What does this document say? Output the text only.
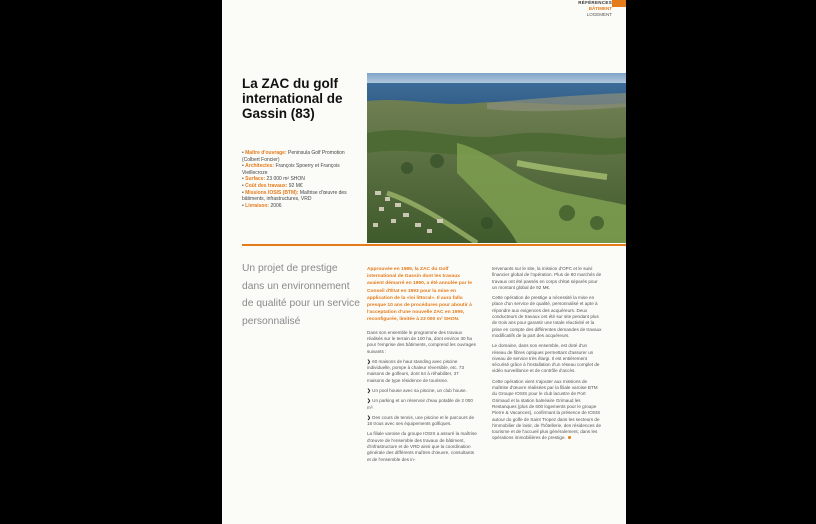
RÉFÉRENCES
BÂTIMENT
LOGEMENT
La ZAC du golf international de Gassin (83)
• Maître d'ouvrage: Peninsula Golf Promotion (Colbert Foncier)
• Architectes: François Spoerry et François Vieillecroze
• Surface: 23 000 m² SHON
• Coût des travaux: 92 M€
• Missions IOSIS (BTM): Maîtrise d'œuvre des bâtiments, infrastructures, VRD
• Livraison: 2006
Un projet de prestige dans un environnement de qualité pour un service personnalisé

Approuvée en 1989, la ZAC du Golf international de Gassin dont les travaux avaient démarré en 1990, a été annulée par le Conseil d'État en 1993 pour la mise en application de la «loi littoral». Il aura fallu presque 10 ans de procédures pour aboutir à l'acceptation d'une nouvelle ZAC en 1999, reconfigurée, limitée à 23 000 m² SHON.

Dans son ensemble le programme des travaux réalisés sur le terrain de 100 ha, dont environ 30 ha pour l'emprise des bâtiments, comprend les ouvrages suivants :

❯ 60 maisons de haut standing avec piscine individuelle, pompe à chaleur réversible, etc. 73 maisons de golfeurs, dont 54 à réhabiliter, 37 maisons de type résidence de tourisme.

❯ Un pool house avec sa piscine, un club house.

❯ Un parking et un réservoir d'eau potable de 2 000 m³.

❯ Des cours de tennis, une piscine et le parcours de 18 trous avec ses équipements golfiques.

La filiale varoise du groupe IOSIS a assuré la maîtrise d'œuvre de l'ensemble des travaux de bâtiment, d'infrastructure et de VRD ainsi que la coordination générale des différents maîtres d'œuvre, consultants et de l'ensemble des in-

tervenants sur le site, la mission d'OPC et le suivi financier global de l'opération. Plus de 80 marchés de travaux ont été passés en corps d'état séparés pour un montant global de 92 M€.

Cette opération de prestige a nécessité la mise en place d'un service de qualité, personnalisé et apte à répondre aux exigences des acquéreurs. Deux conducteurs de travaux ont été sur site pendant plus de trois ans pour garantir une totale réactivité et la prise en compte des différentes demandes de travaux modificatifs de la part des acquéreurs.

Le domaine, dans son ensemble, est doté d'un réseau de fibres optiques permettant d'assurer un niveau de service très élargi. Il est entièrement sécurisé grâce à l'installation d'un réseau complet de vidéo surveillance et de contrôle d'accès.

Cette opération vient s'ajouter aux missions de maîtrise d'œuvre réalisées par la filiale varoise BTM du Groupe IOSIS pour le club lacustre de Port Grimaud et la station balnéaire Grimaud les Restanques (plus de 600 logements pour le groupe Pierre & Vacances), confirmant la présence de IOSIS autour du golfe de Saint Tropez dans les secteurs de l'immobilier de loisir, de l'hôtellerie, des résidences de tourisme et de l'accueil plus généralement, dans les opérations immobilières de prestige.
